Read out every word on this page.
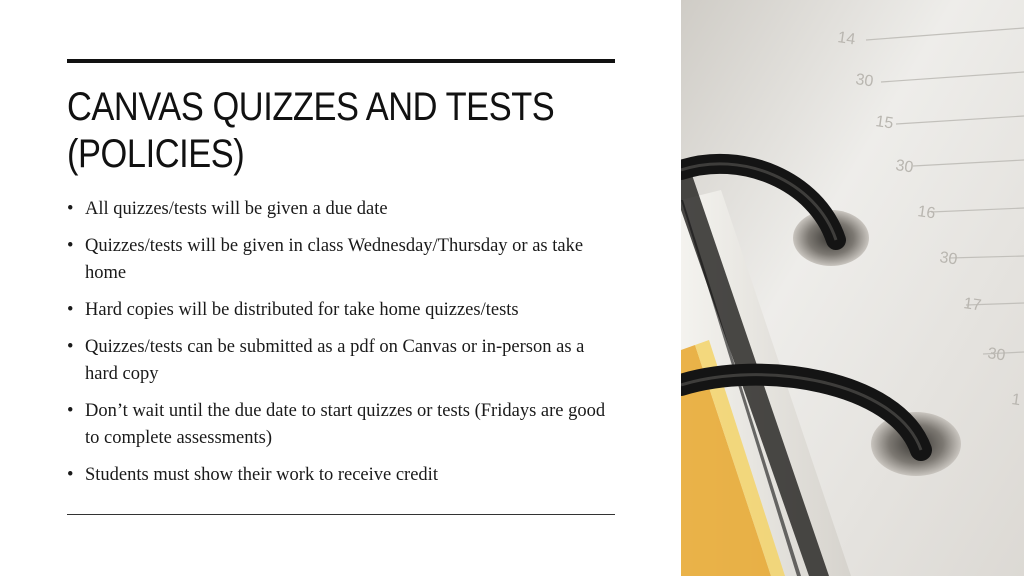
CANVAS QUIZZES AND TESTS (POLICIES)
• All quizzes/tests will be given a due date
• Quizzes/tests will be given in class Wednesday/Thursday or as take home
• Hard copies will be distributed for take home quizzes/tests
• Quizzes/tests can be submitted as a pdf on Canvas or in-person as a hard copy
• Don’t wait until the due date to start quizzes or tests (Fridays are good to complete assessments)
• Students must show their work to receive credit
14
30
15
30
16
30
17
30
1
